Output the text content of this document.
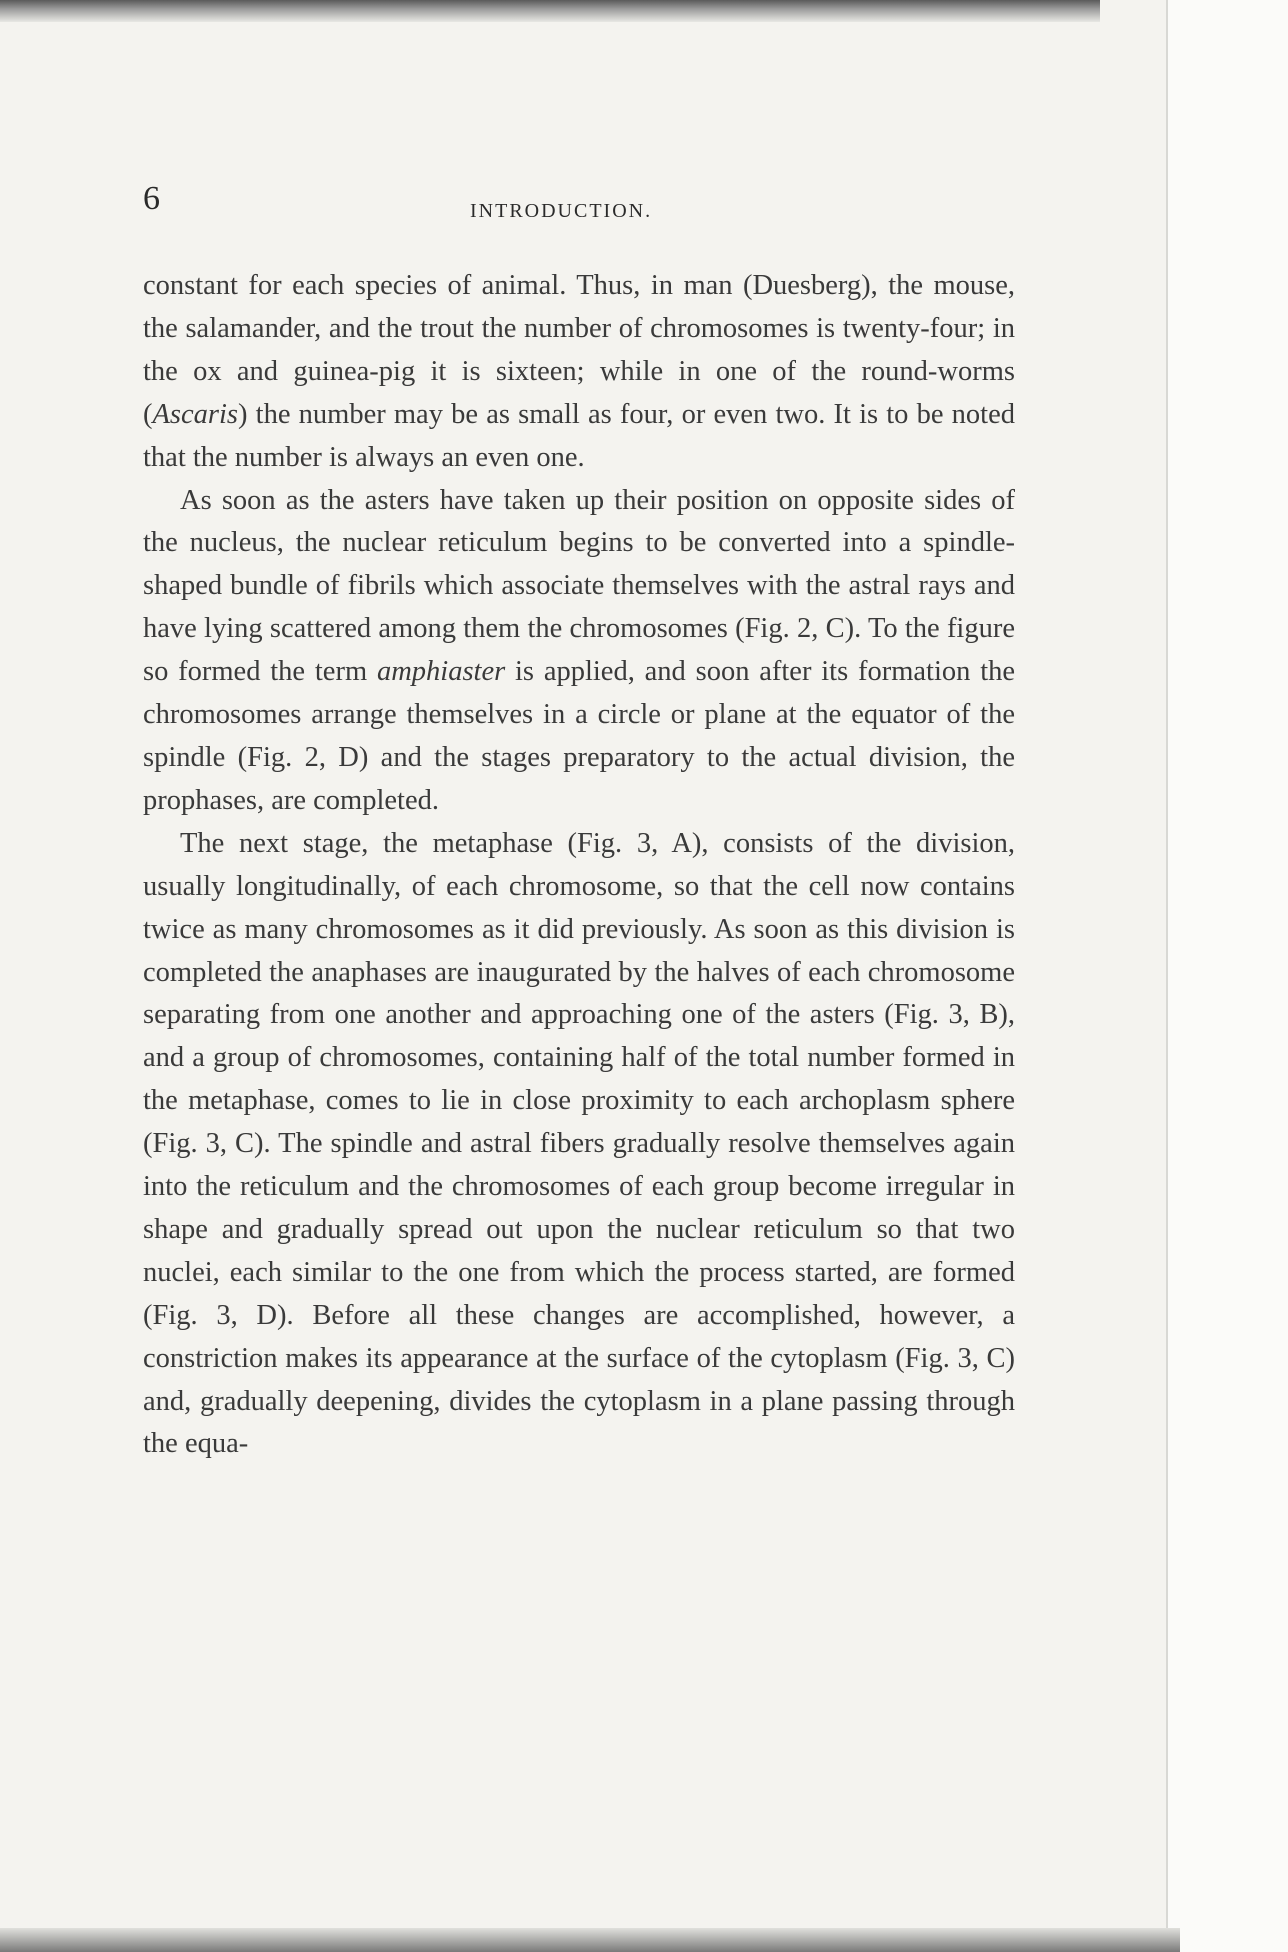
6	INTRODUCTION.

constant for each species of animal. Thus, in man (Duesberg), the mouse, the salamander, and the trout the number of chromosomes is twenty-four; in the ox and guinea-pig it is sixteen; while in one of the round-worms (Ascaris) the number may be as small as four, or even two. It is to be noted that the number is always an even one.

As soon as the asters have taken up their position on opposite sides of the nucleus, the nuclear reticulum begins to be converted into a spindle-shaped bundle of fibrils which associate themselves with the astral rays and have lying scattered among them the chromosomes (Fig. 2, C). To the figure so formed the term amphiaster is applied, and soon after its formation the chromosomes arrange themselves in a circle or plane at the equator of the spindle (Fig. 2, D) and the stages preparatory to the actual division, the prophases, are completed.

The next stage, the metaphase (Fig. 3, A), consists of the division, usually longitudinally, of each chromosome, so that the cell now contains twice as many chromosomes as it did previously. As soon as this division is completed the anaphases are inaugurated by the halves of each chromosome separating from one another and approaching one of the asters (Fig. 3, B), and a group of chromosomes, containing half of the total number formed in the metaphase, comes to lie in close proximity to each archoplasm sphere (Fig. 3, C). The spindle and astral fibers gradually resolve themselves again into the reticulum and the chromosomes of each group become irregular in shape and gradually spread out upon the nuclear reticulum so that two nuclei, each similar to the one from which the process started, are formed (Fig. 3, D). Before all these changes are accomplished, however, a constriction makes its appearance at the surface of the cytoplasm (Fig. 3, C) and, gradually deepening, divides the cytoplasm in a plane passing through the equa-
